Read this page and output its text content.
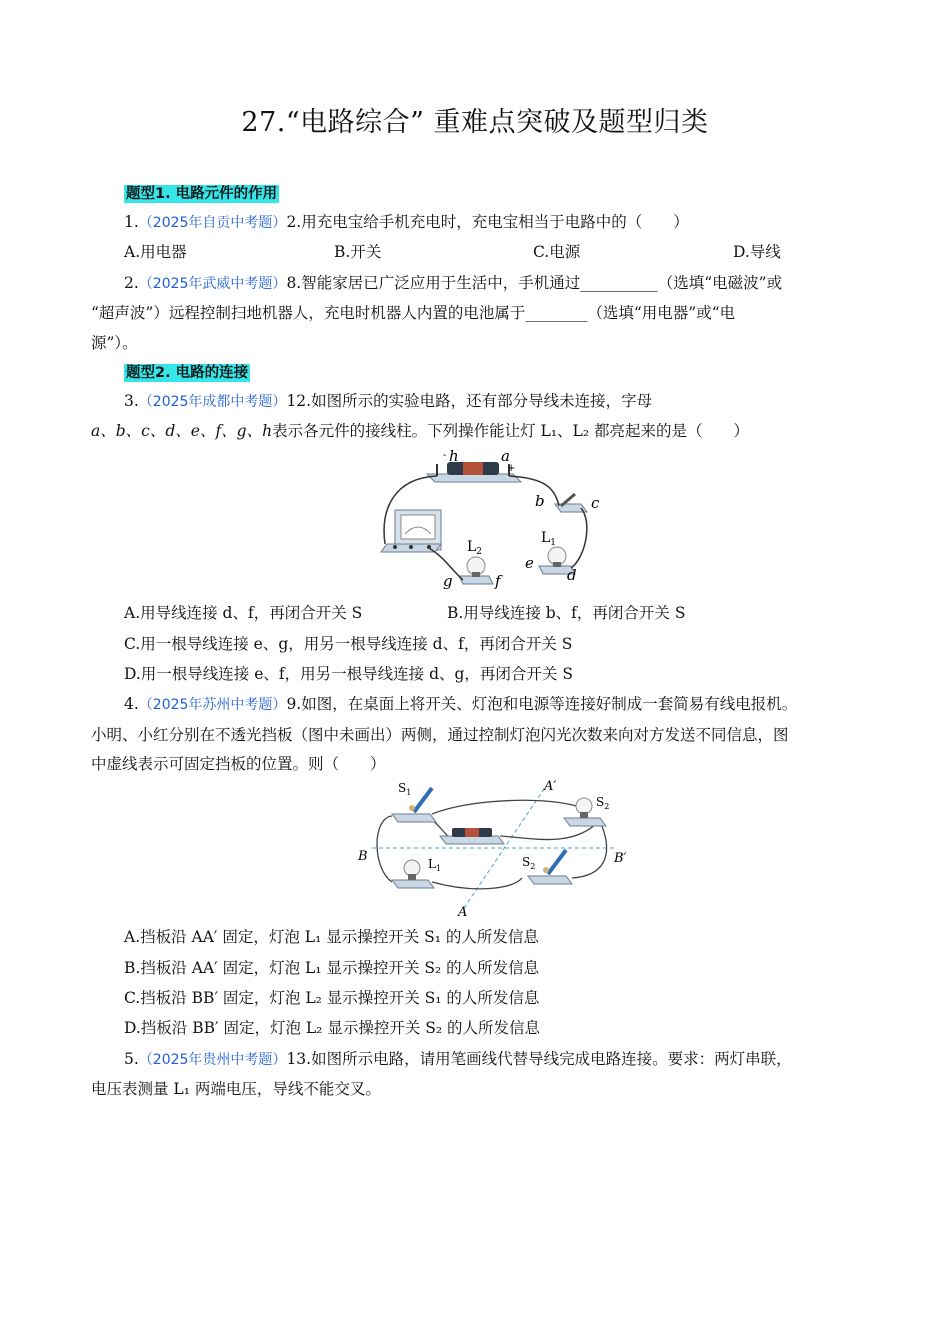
27.“电路综合” 重难点突破及题型归类
题型1. 电路元件的作用
1.（2025年自贡中考题）2.用充电宝给手机充电时，充电宝相当于电路中的（　　）
A.用电器	B.开关	C.电源	D.导线
2.（2025年武威中考题）8.智能家居已广泛应用于生活中，手机通过__________（选填“电磁波”或
“超声波”）远程控制扫地机器人，充电时机器人内置的电池属于________（选填“用电器”或“电
源”）。
题型2. 电路的连接
3.（2025年成都中考题）12.如图所示的实验电路，还有部分导线未连接，字母
a、b、c、d、e、f、g、h表示各元件的接线柱。下列操作能让灯 L₁、L₂ 都亮起来的是（　　）
- h	a
+
b	c
$L_1$
e
d
$L_2$
g	f
A.用导线连接 d、f，再闭合开关 S	B.用导线连接 b、f，再闭合开关 S
C.用一根导线连接 e、g，用另一根导线连接 d、f，再闭合开关 S
D.用一根导线连接 e、f，用另一根导线连接 d、g，再闭合开关 S
4.（2025年苏州中考题）9.如图，在桌面上将开关、灯泡和电源等连接好制成一套简易有线电报机。
小明、小红分别在不透光挡板（图中未画出）两侧，通过控制灯泡闪光次数来向对方发送不同信息，图
中虚线表示可固定挡板的位置。则（　　）
B	B′
A
A′
$S_1$
$S_2$
$L_1$	$S_2$
A.挡板沿 AA′ 固定，灯泡 L₁ 显示操控开关 S₁ 的人所发信息
B.挡板沿 AA′ 固定，灯泡 L₁ 显示操控开关 S₂ 的人所发信息
C.挡板沿 BB′ 固定，灯泡 L₂ 显示操控开关 S₁ 的人所发信息
D.挡板沿 BB′ 固定，灯泡 L₂ 显示操控开关 S₂ 的人所发信息
5.（2025年贵州中考题）13.如图所示电路，请用笔画线代替导线完成电路连接。要求：两灯串联，
电压表测量 L₁ 两端电压，导线不能交叉。
